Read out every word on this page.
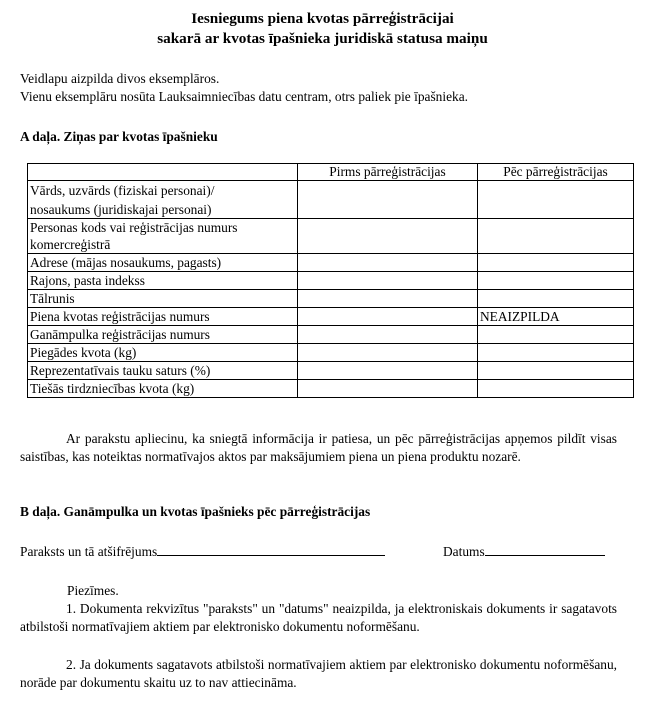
Iesniegums piena kvotas pārreģistrācijai
sakarā ar kvotas īpašnieka juridiskā statusa maiņu
Veidlapu aizpilda divos eksemplāros.
Vienu eksemplāru nosūta Lauksaimniecības datu centram, otrs paliek pie īpašnieka.
A daļa. Ziņas par kvotas īpašnieku
	Pirms pārreģistrācijas	Pēc pārreģistrācijas

Vārds, uzvārds (fiziskai personai)/
nosaukums (juridiskajai personai)		

Personas kods vai reģistrācijas numurs
komercreģistrā		

Adrese (mājas nosaukums, pagasts)		

Rajons, pasta indekss		

Tālrunis		

Piena kvotas reģistrācijas numurs		NEAIZPILDA

Ganāmpulka reģistrācijas numurs		

Piegādes kvota (kg)		

Reprezentatīvais tauku saturs (%)		

Tiešās tirdzniecības kvota (kg)		

Ar parakstu apliecinu, ka sniegtā informācija ir patiesa, un pēc pārreģistrācijas apņemos pildīt visas saistības, kas noteiktas normatīvajos aktos par maksājumiem piena un piena produktu nozarē.
B daļa. Ganāmpulka un kvotas īpašnieks pēc pārreģistrācijas
Paraksts un tā atšifrējums	Datums
Piezīmes.
1. Dokumenta rekvizītus "paraksts" un "datums" neaizpilda, ja elektroniskais dokuments ir sagatavots atbilstoši normatīvajiem aktiem par elektronisko dokumentu noformēšanu.
2. Ja dokuments sagatavots atbilstoši normatīvajiem aktiem par elektronisko dokumentu noformēšanu, norāde par dokumentu skaitu uz to nav attiecināma.
